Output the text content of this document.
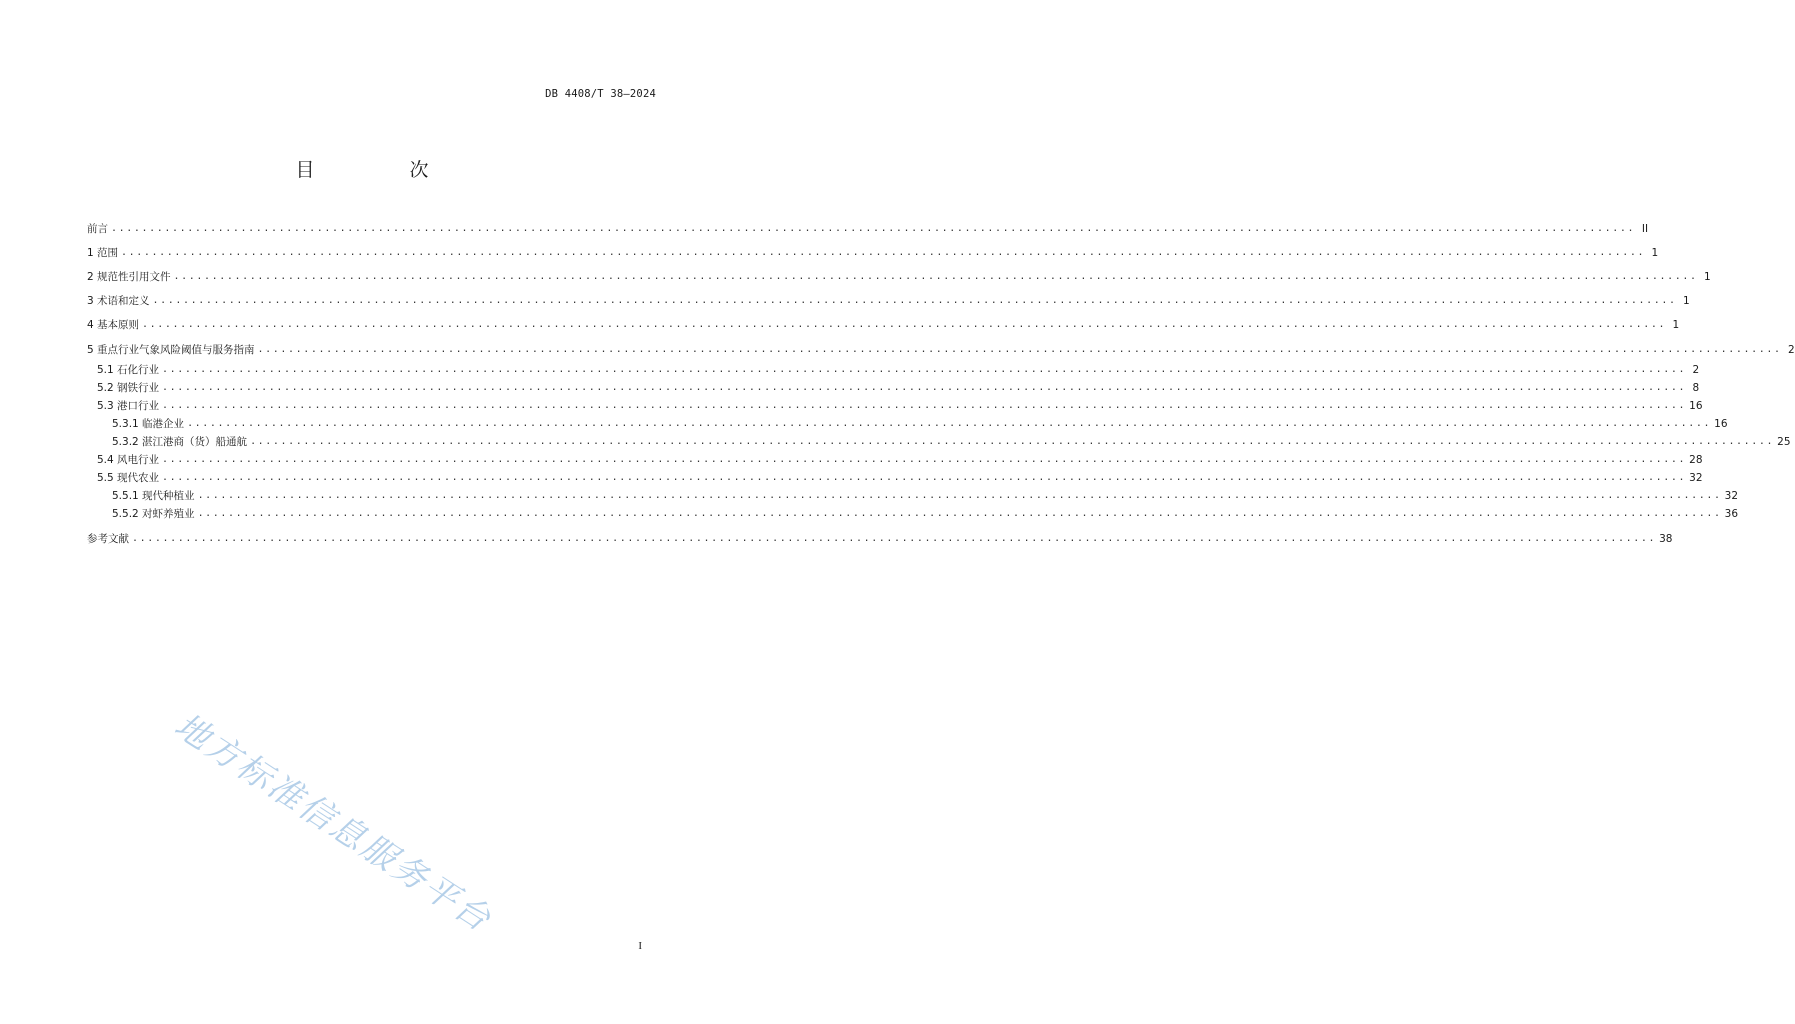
DB 4408/T 38—2024
目　次
前言 ........................................................................................................................................................................................................ II
1 范围 ........................................................................................................................................................................................................ 1
2 规范性引用文件 ........................................................................................................................................................................................................ 1
3 术语和定义 ........................................................................................................................................................................................................ 1
4 基本原则 ........................................................................................................................................................................................................ 1
5 重点行业气象风险阈值与服务指南 ........................................................................................................................................................................................................ 2
5.1 石化行业 ........................................................................................................................................................................................................ 2
5.2 钢铁行业 ........................................................................................................................................................................................................ 8
5.3 港口行业 ........................................................................................................................................................................................................ 16
5.3.1 临港企业 ........................................................................................................................................................................................................ 16
5.3.2 湛江港商（货）船通航 ........................................................................................................................................................................................................ 25
5.4 风电行业 ........................................................................................................................................................................................................ 28
5.5 现代农业 ........................................................................................................................................................................................................ 32
5.5.1 现代种植业 ........................................................................................................................................................................................................ 32
5.5.2 对虾养殖业 ........................................................................................................................................................................................................ 36
参考文献 ........................................................................................................................................................................................................ 38
I
地方标准信息服务平台
